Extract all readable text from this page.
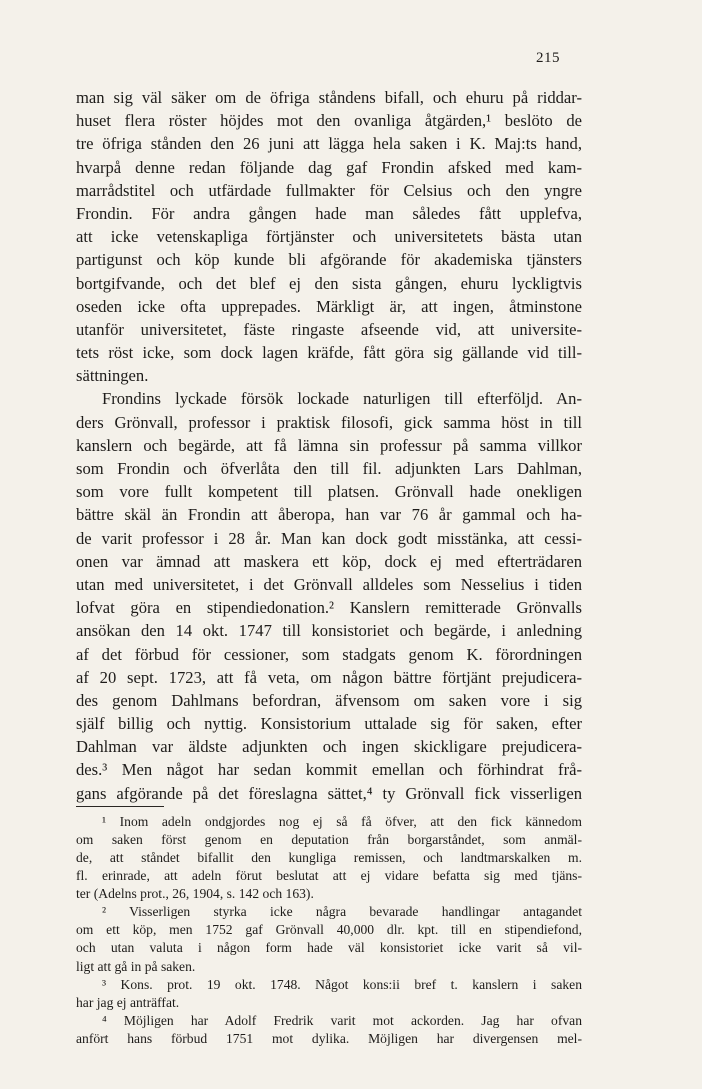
215
man sig väl säker om de öfriga ståndens bifall, och ehuru på riddar-
huset flera röster höjdes mot den ovanliga åtgärden,¹ beslöto de
tre öfriga stånden den 26 juni att lägga hela saken i K. Maj:ts hand,
hvarpå denne redan följande dag gaf Frondin afsked med kam-
marrådstitel och utfärdade fullmakter för Celsius och den yngre
Frondin. För andra gången hade man således fått upplefva,
att icke vetenskapliga förtjänster och universitetets bästa utan
partigunst och köp kunde bli afgörande för akademiska tjänsters
bortgifvande, och det blef ej den sista gången, ehuru lyckligtvis
oseden icke ofta upprepades. Märkligt är, att ingen, åtminstone
utanför universitetet, fäste ringaste afseende vid, att universite-
tets röst icke, som dock lagen kräfde, fått göra sig gällande vid till-
sättningen.
Frondins lyckade försök lockade naturligen till efterföljd. An-
ders Grönvall, professor i praktisk filosofi, gick samma höst in till
kanslern och begärde, att få lämna sin professur på samma villkor
som Frondin och öfverlåta den till fil. adjunkten Lars Dahlman,
som vore fullt kompetent till platsen. Grönvall hade onekligen
bättre skäl än Frondin att åberopa, han var 76 år gammal och ha-
de varit professor i 28 år. Man kan dock godt misstänka, att cessi-
onen var ämnad att maskera ett köp, dock ej med efterträdaren
utan med universitetet, i det Grönvall alldeles som Nesselius i tiden
lofvat göra en stipendiedonation.² Kanslern remitterade Grönvalls
ansökan den 14 okt. 1747 till konsistoriet och begärde, i anledning
af det förbud för cessioner, som stadgats genom K. förordningen
af 20 sept. 1723, att få veta, om någon bättre förtjänt prejudicera-
des genom Dahlmans befordran, äfvensom om saken vore i sig
själf billig och nyttig. Konsistorium uttalade sig för saken, efter
Dahlman var äldste adjunkten och ingen skickligare prejudicera-
des.³ Men något har sedan kommit emellan och förhindrat frå-
gans afgörande på det föreslagna sättet,⁴ ty Grönvall fick visserligen
¹ Inom adeln ondgjordes nog ej så få öfver, att den fick kännedom
om saken först genom en deputation från borgarståndet, som anmäl-
de, att ståndet bifallit den kungliga remissen, och landtmarskalken m.
fl. erinrade, att adeln förut beslutat att ej vidare befatta sig med tjäns-
ter (Adelns prot., 26, 1904, s. 142 och 163).
² Visserligen styrka icke några bevarade handlingar antagandet
om ett köp, men 1752 gaf Grönvall 40,000 dlr. kpt. till en stipendiefond,
och utan valuta i någon form hade väl konsistoriet icke varit så vil-
ligt att gå in på saken.
³ Kons. prot. 19 okt. 1748. Något kons:ii bref t. kanslern i saken
har jag ej anträffat.
⁴ Möjligen har Adolf Fredrik varit mot ackorden. Jag har ofvan
anfört hans förbud 1751 mot dylika. Möjligen har divergensen mel-
